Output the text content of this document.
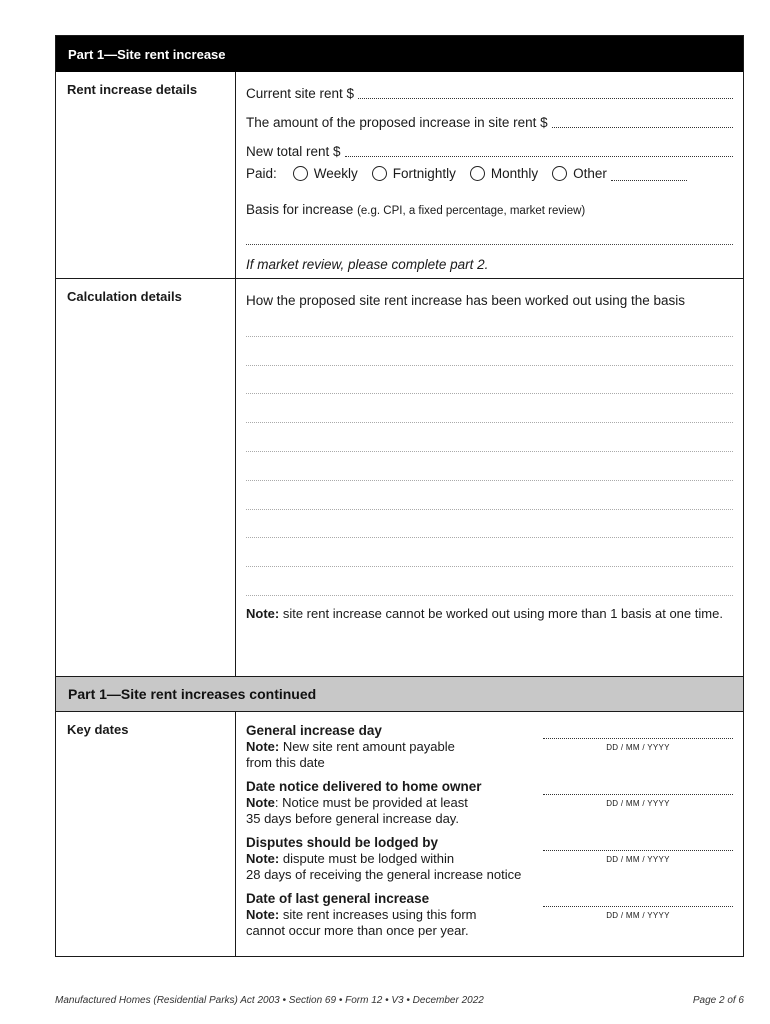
Part 1—Site rent increase
Rent increase details	Current site rent $
The amount of the proposed increase in site rent $
New total rent $
Paid:	Weekly	Fortnightly	Monthly	Other
Basis for increase
(e.g. CPI, a fixed percentage, market review)
If market review, please complete part 2.
Calculation details	How the proposed site rent increase has been worked out using the basis
Note: site rent increase cannot be worked out using more than 1 basis at one time.
Part 1—Site rent increases continued
Key dates	General increase day
Note: New site rent amount payable
from this date
DD / MM / YYYY
Date notice delivered to home owner
Note: Notice must be provided at least
35 days before general increase day.
DD / MM / YYYY
Disputes should be lodged by
Note: dispute must be lodged within
28 days of receiving the general increase notice
DD / MM / YYYY
Date of last general increase
Note: site rent increases using this form
cannot occur more than once per year.
DD / MM / YYYY
Manufactured Homes (Residential Parks) Act 2003 • Section 69 • Form 12 • V3 • December 2022	Page 2 of 6
